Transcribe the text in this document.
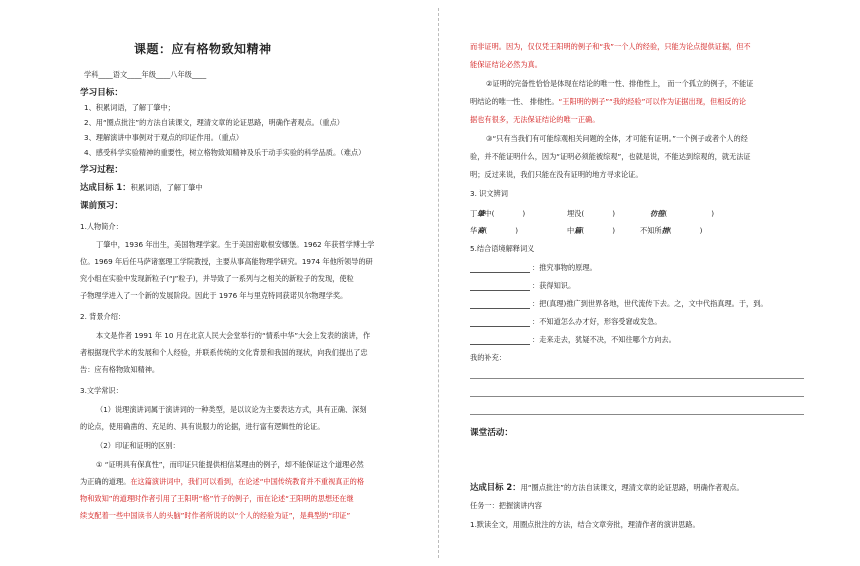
课题：应有格物致知精神
学科____语文____年级____八年级____
学习目标：
1、积累词语，了解丁肇中；
2、用“圈点批注”的方法自读课文，理清文章的论证思路，明确作者观点。（重点）
3、理解演讲中事例对于观点的印证作用。（重点）
4、感受科学实验精神的重要性，树立格物致知精神及乐于动手实验的科学品质。（难点）
学习过程：
达成目标 1：积累词语，了解丁肇中
课前预习：
1.人物简介：
丁肇中，1936 年出生，美国物理学家。生于美国密歇根安娜堡。1962 年获哲学博士学
位。1969 年后任马萨诸塞理工学院教授，主要从事高能物理学研究。1974 年他所领导的研
究小组在实验中发现新粒子(“J”粒子)，并导致了一系列与之相关的新粒子的发现，使粒
子物理学进入了一个新的发展阶段。因此于 1976 年与里克特同获诺贝尔物理学奖。
2. 背景介绍：
本文是作者 1991 年 10 月在北京人民大会堂举行的“情系中华”大会上发表的演讲，作
者根据现代学术的发展和个人经验，并联系传统的文化背景和我国的现状，向我们提出了忠
告：应有格物致知精神。
3.文学常识：
（1）说理演讲词属于演讲词的一种类型，是以议论为主要表达方式，具有正确、深刻
的论点，使用确凿的、充足的、具有说服力的论据，进行富有逻辑性的论证。
（2）印证和证明的区别：
① “证明具有保真性”，而印证只能提供相信某理由的例子，却不能保证这个道理必然
为正确的道理。在这篇演讲词中，我们可以看到，在论述“中国传统教育并不重视真正的格
物和致知”的道理时作者引用了王阳明“格”竹子的例子，而在论述“王阳明的思想还在继
续支配着一些中国读书人的头脑”时作者所说的以“个人的经验为证”，是典型的“印证”
而非证明。因为，仅仅凭王阳明的例子和“我”一个人的经验，只能为论点提供证据，但不
能保证结论必然为真。
②证明的完备性恰恰是体现在结论的唯一性、排他性上， 而一个孤立的例子，不能证
明结论的唯一性、 排他性。“王阳明的例子”“我的经验”可以作为证据出现，但相反的论
据也有很多，无法保证结论的唯一正确。
③“只有当我们有可能综观相关问题的全体，才可能有证明。”一个例子或者个人的经
验，并不能证明什么，因为“证明必须能被综观”，也就是说，不能达到综观的，就无法证
明；反过来说，我们只能在没有证明的地方寻求论证。
3. 识文辨词
丁肇中(	)	埋没(	)	彷徨(	)
华裔(	)	中篇(	)	不知所措(	)
5.结合语境解释词义
：推究事物的原理。
：获得知识。
：把(真理)推广到世界各地，世代流传下去。之，文中代指真理。于，到。
：不知道怎么办才好，形容受窘或发急。
：走来走去，犹疑不决，不知往哪个方向去。
我的补充：
课堂活动：
达成目标 2：用“圈点批注”的方法自读课文，理清文章的论证思路，明确作者观点。
任务一：把握演讲内容
1.默读全文，用圈点批注的方法，结合文章旁批，理清作者的演讲思路。
